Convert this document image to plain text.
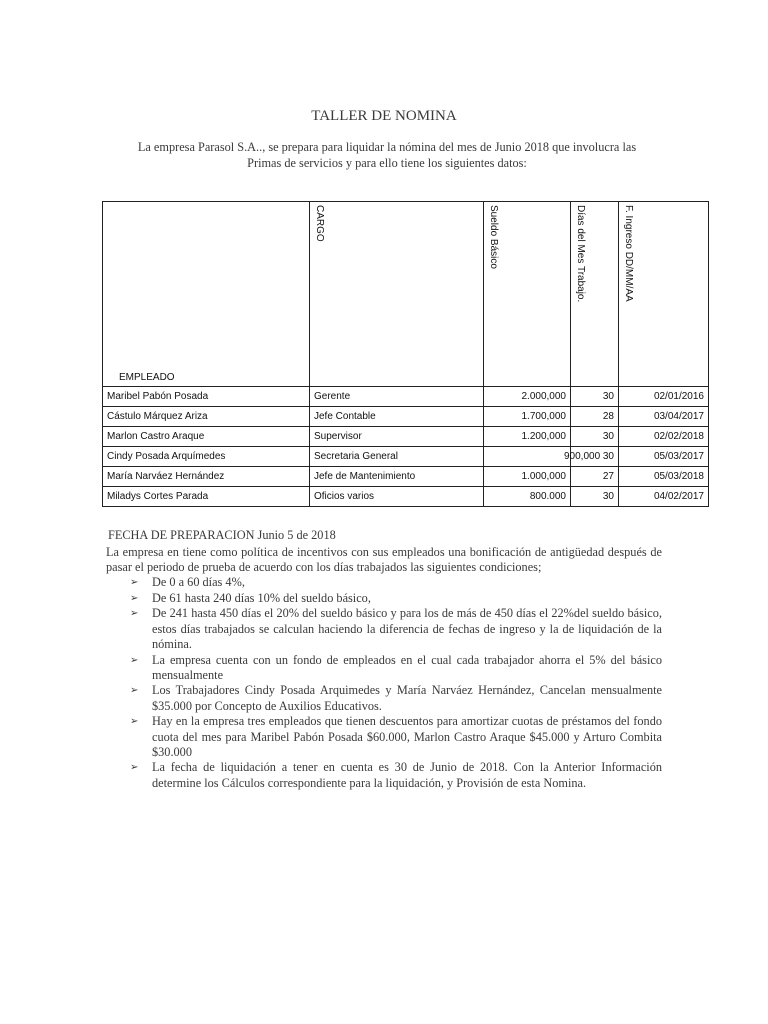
TALLER DE NOMINA
La empresa Parasol S.A.., se prepara para liquidar la nómina del mes de Junio 2018 que involucra las
Primas de servicios y para ello tiene los siguientes datos:
EMPLEADO	CARGO	Sueldo Básico	Días del Mes Trabajo.	F. Ingreso DD/MM/AA

Maribel Pabón Posada	Gerente	2.000,000	30	02/01/2016
Cástulo Márquez Ariza	Jefe Contable	1.700,000	28	03/04/2017
Marlon Castro Araque	Supervisor	1.200,000	30	02/02/2018
Cindy Posada Arquímedes	Secretaria General	900,000	30	05/03/2017
María Narváez Hernández	Jefe de Mantenimiento	1.000,000	27	05/03/2018
Miladys Cortes Parada	Oficios varios	800.000	30	04/02/2017
FECHA DE PREPARACION Junio 5 de 2018
La empresa en tiene como política de incentivos con sus empleados una bonificación de antigüedad después de pasar el periodo de prueba de acuerdo con los días trabajados las siguientes condiciones;
➢ De 0 a 60 días 4%,
➢ De 61 hasta 240 días 10% del sueldo básico,
➢ De 241 hasta 450 días el 20% del sueldo básico y para los de más de 450 días el 22%del sueldo básico, estos días trabajados se calculan haciendo la diferencia de fechas de ingreso y la de liquidación de la nómina.
➢ La empresa cuenta con un fondo de empleados en el cual cada trabajador ahorra el 5% del básico mensualmente
➢ Los Trabajadores Cindy Posada Arquimedes y María Narváez Hernández, Cancelan mensualmente $35.000 por Concepto de Auxilios Educativos.
➢ Hay en la empresa tres empleados que tienen descuentos para amortizar cuotas de préstamos del fondo cuota del mes para Maribel Pabón Posada $60.000, Marlon Castro Araque $45.000 y Arturo Combita $30.000
➢ La fecha de liquidación a tener en cuenta es 30 de Junio de 2018. Con la Anterior Información determine los Cálculos correspondiente para la liquidación, y Provisión de esta Nomina.
